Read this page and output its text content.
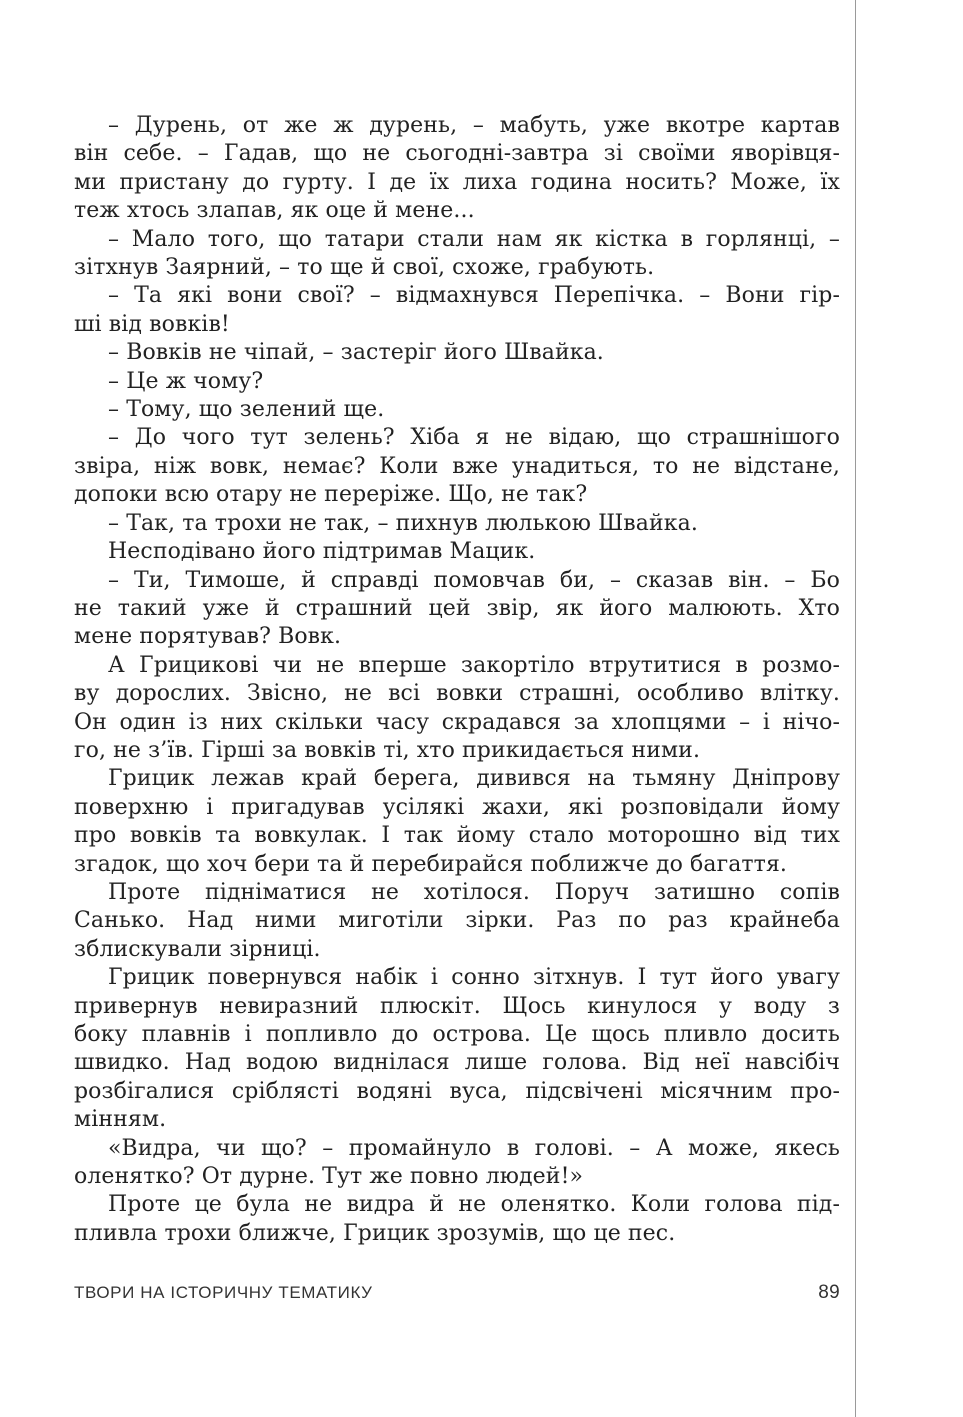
– Дурень, от же ж дурень, – мабуть, уже вкотре картав
він себе. – Гадав, що не сьогодні-завтра зі своїми яворівця-
ми пристану до гурту. І де їх лиха година носить? Може, їх
теж хтось злапав, як оце й мене...
– Мало того, що татари стали нам як кістка в горлянці, –
зітхнув Заярний, – то ще й свої, схоже, грабують.
– Та які вони свої? – відмахнувся Перепічка. – Вони гір-
ші від вовків!
– Вовків не чіпай, – застеріг його Швайка.
– Це ж чому?
– Тому, що зелений ще.
– До чого тут зелень? Хіба я не відаю, що страшнішого
звіра, ніж вовк, немає? Коли вже унадиться, то не відстане,
допоки всю отару не переріже. Що, не так?
– Так, та трохи не так, – пихнув люлькою Швайка.
Несподівано його підтримав Мацик.
– Ти, Тимоше, й справді помовчав би, – сказав він. – Бо
не такий уже й страшний цей звір, як його малюють. Хто
мене порятував? Вовк.
А Грицикові чи не вперше закортіло втрутитися в розмо-
ву дорослих. Звісно, не всі вовки страшні, особливо влітку.
Он один із них скільки часу скрадався за хлопцями – і нічо-
го, не з’їв. Гірші за вовків ті, хто прикидається ними.
Грицик лежав край берега, дивився на тьмяну Дніпрову
поверхню і пригадував усілякі жахи, які розповідали йому
про вовків та вовкулак. І так йому стало моторошно від тих
згадок, що хоч бери та й перебирайся поближче до багаття.
Проте підніматися не хотілося. Поруч затишно сопів
Санько. Над ними миготіли зірки. Раз по раз крайнеба
зблискували зірниці.
Грицик повернувся набік і сонно зітхнув. І тут його увагу
привернув невиразний плюскіт. Щось кинулося у воду з
боку плавнів і попливло до острова. Це щось пливло досить
швидко. Над водою виднілася лише голова. Від неї навсібіч
розбігалися сріблясті водяні вуса, підсвічені місячним про-
мінням.
«Видра, чи що? – промайнуло в голові. – А може, якесь
оленятко? От дурне. Тут же повно людей!»
Проте це була не видра й не оленятко. Коли голова під-
пливла трохи ближче, Грицик зрозумів, що це пес.
ТВОРИ НА ІСТОРИЧНУ ТЕМАТИКУ	89
